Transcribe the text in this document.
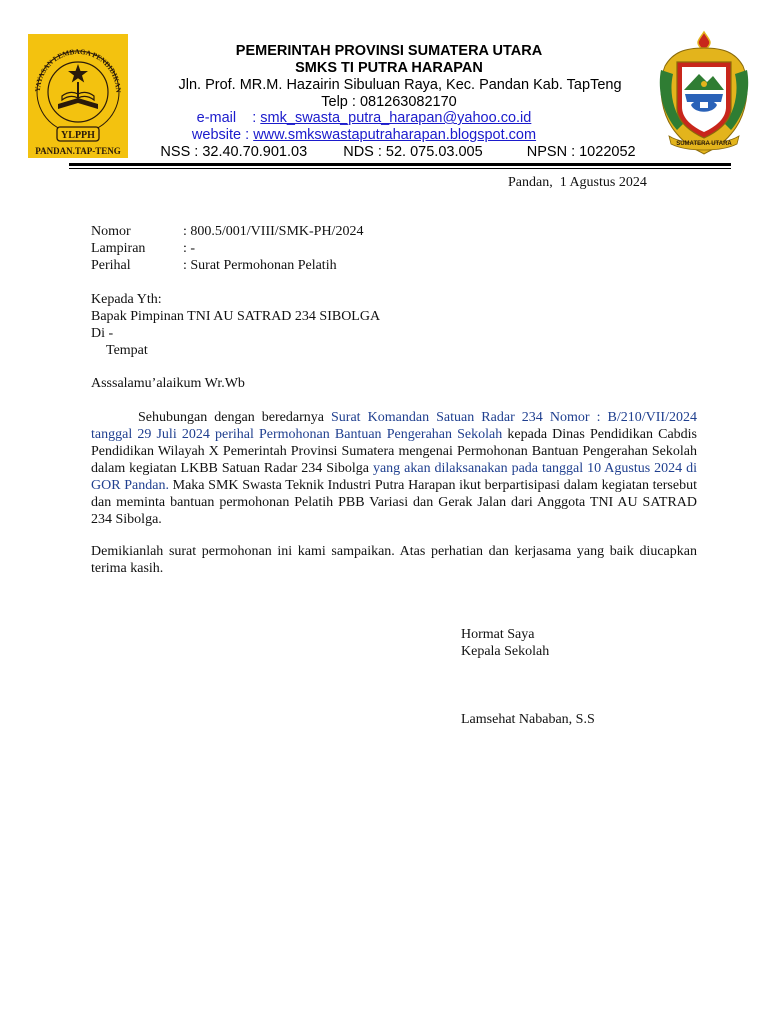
YAYASAN LEMBAGA PENDIDIKAN
YLPPH
PANDAN.TAP-TENG
SUMATERA UTARA
PEMERINTAH PROVINSI SUMATERA UTARA
SMKS TI PUTRA HARAPAN
Jln. Prof. MR.M. Hazairin Sibuluan Raya, Kec. Pandan Kab. TapTeng
Telp : 081263082170
e-mail    : smk_swasta_putra_harapan@yahoo.co.id
website : www.smkswastaputraharapan.blogspot.com
NSS : 32.40.70.901.03 NDS : 52. 075.03.005	NPSN : 1022052
Pandan,  1 Agustus 2024
Nomor	: 800.5/001/VIII/SMK-PH/2024
Lampiran	: -
Perihal	: Surat Permohonan Pelatih
Kepada Yth:
Bapak Pimpinan TNI AU SATRAD 234 SIBOLGA
Di -
Tempat
Asssalamu’alaikum Wr.Wb
Sehubungan dengan beredarnya Surat Komandan Satuan Radar 234 Nomor : B/210/VII/2024 tanggal 29 Juli 2024 perihal Permohonan Bantuan Pengerahan Sekolah kepada Dinas Pendidikan Cabdis Pendidikan Wilayah X Pemerintah Provinsi Sumatera mengenai Permohonan Bantuan Pengerahan Sekolah dalam kegiatan LKBB Satuan Radar 234 Sibolga yang akan dilaksanakan pada tanggal 10 Agustus 2024 di GOR Pandan. Maka SMK Swasta Teknik Industri Putra Harapan ikut berpartisipasi dalam kegiatan tersebut dan meminta bantuan permohonan Pelatih PBB Variasi dan Gerak Jalan dari Anggota TNI AU SATRAD 234 Sibolga.
Demikianlah surat permohonan ini kami sampaikan. Atas perhatian dan kerjasama yang baik diucapkan terima kasih.
Hormat Saya
Kepala Sekolah
Lamsehat Nababan, S.S
